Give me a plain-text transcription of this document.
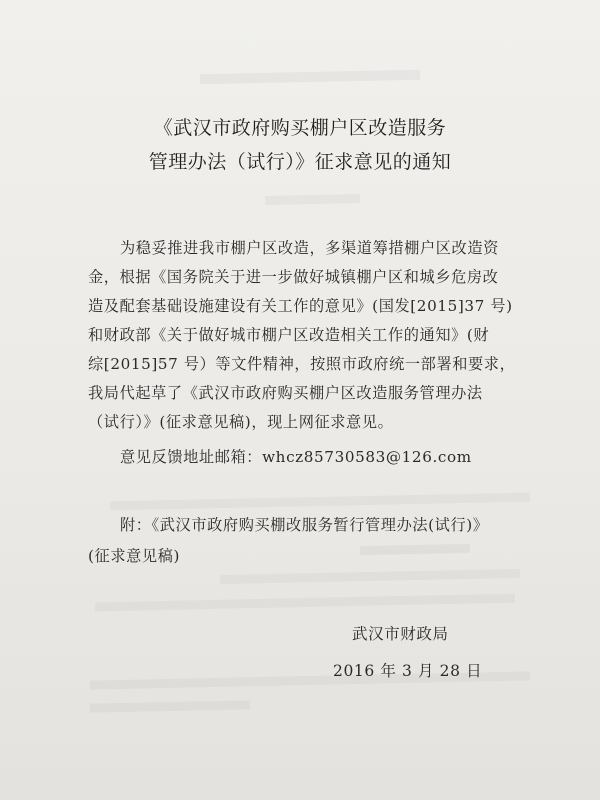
《武汉市政府购买棚户区改造服务
管理办法（试行）》征求意见的通知
为稳妥推进我市棚户区改造，多渠道筹措棚户区改造资
金，根据《国务院关于进一步做好城镇棚户区和城乡危房改
造及配套基础设施建设有关工作的意见》(国发[2015]37 号)
和财政部《关于做好城市棚户区改造相关工作的通知》(财
综[2015]57 号）等文件精神，按照市政府统一部署和要求，
我局代起草了《武汉市政府购买棚户区改造服务管理办法
（试行）》(征求意见稿)，现上网征求意见。
意见反馈地址邮箱：whcz85730583@126.com
附：《武汉市政府购买棚改服务暂行管理办法(试行)》
(征求意见稿)
武汉市财政局
2016 年 3 月 28 日
